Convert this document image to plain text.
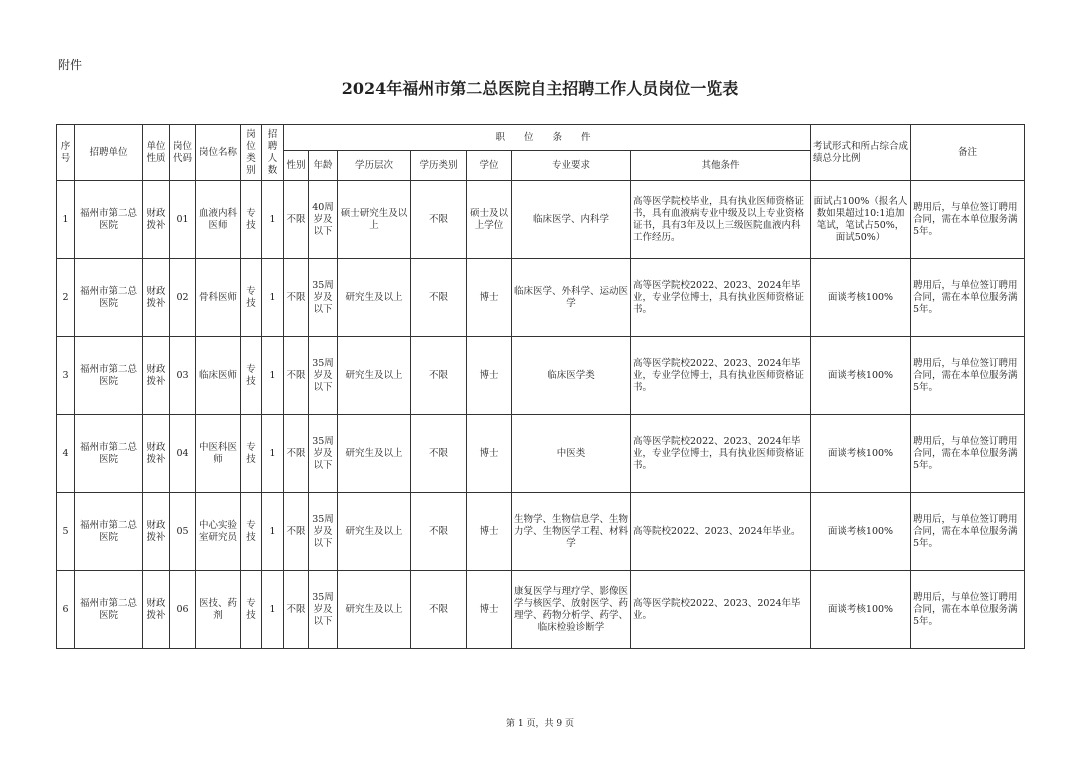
附件
2024年福州市第二总医院自主招聘工作人员岗位一览表
序号	招聘单位	单位性质	岗位代码	岗位名称	岗位类别	招聘人数	职 位 条 件							考试形式和所占综合成绩总分比例	备注
							性别	年龄	学历层次	学历类别	学位	专业要求	其他条件		
1	福州市第二总医院	财政拨补	01	血液内科医师	专技	1	不限	40周岁及以下	硕士研究生及以上	不限	硕士及以上学位	临床医学、内科学	高等医学院校毕业，具有执业医师资格证书，具有血液病专业中级及以上专业资格证书，具有3年及以上三级医院血液内科工作经历。	面试占100%（报名人数如果超过10:1追加笔试，笔试占50%，面试50%）	聘用后，与单位签订聘用合同，需在本单位服务满5年。
2	福州市第二总医院	财政拨补	02	骨科医师	专技	1	不限	35周岁及以下	研究生及以上	不限	博士	临床医学、外科学、运动医学	高等医学院校2022、2023、2024年毕业，专业学位博士，具有执业医师资格证书。	面谈考核100%	聘用后，与单位签订聘用合同，需在本单位服务满5年。
3	福州市第二总医院	财政拨补	03	临床医师	专技	1	不限	35周岁及以下	研究生及以上	不限	博士	临床医学类	高等医学院校2022、2023、2024年毕业，专业学位博士，具有执业医师资格证书。	面谈考核100%	聘用后，与单位签订聘用合同，需在本单位服务满5年。
4	福州市第二总医院	财政拨补	04	中医科医师	专技	1	不限	35周岁及以下	研究生及以上	不限	博士	中医类	高等医学院校2022、2023、2024年毕业，专业学位博士，具有执业医师资格证书。	面谈考核100%	聘用后，与单位签订聘用合同，需在本单位服务满5年。
5	福州市第二总医院	财政拨补	05	中心实验室研究员	专技	1	不限	35周岁及以下	研究生及以上	不限	博士	生物学、生物信息学、生物力学、生物医学工程、材料学	高等院校2022、2023、2024年毕业。	面谈考核100%	聘用后，与单位签订聘用合同，需在本单位服务满5年。
6	福州市第二总医院	财政拨补	06	医技、药剂	专技	1	不限	35周岁及以下	研究生及以上	不限	博士	康复医学与理疗学、影像医学与核医学、放射医学、药理学、药物分析学、药学、临床检验诊断学	高等医学院校2022、2023、2024年毕业。	面谈考核100%	聘用后，与单位签订聘用合同，需在本单位服务满5年。
第 1 页，共 9 页
